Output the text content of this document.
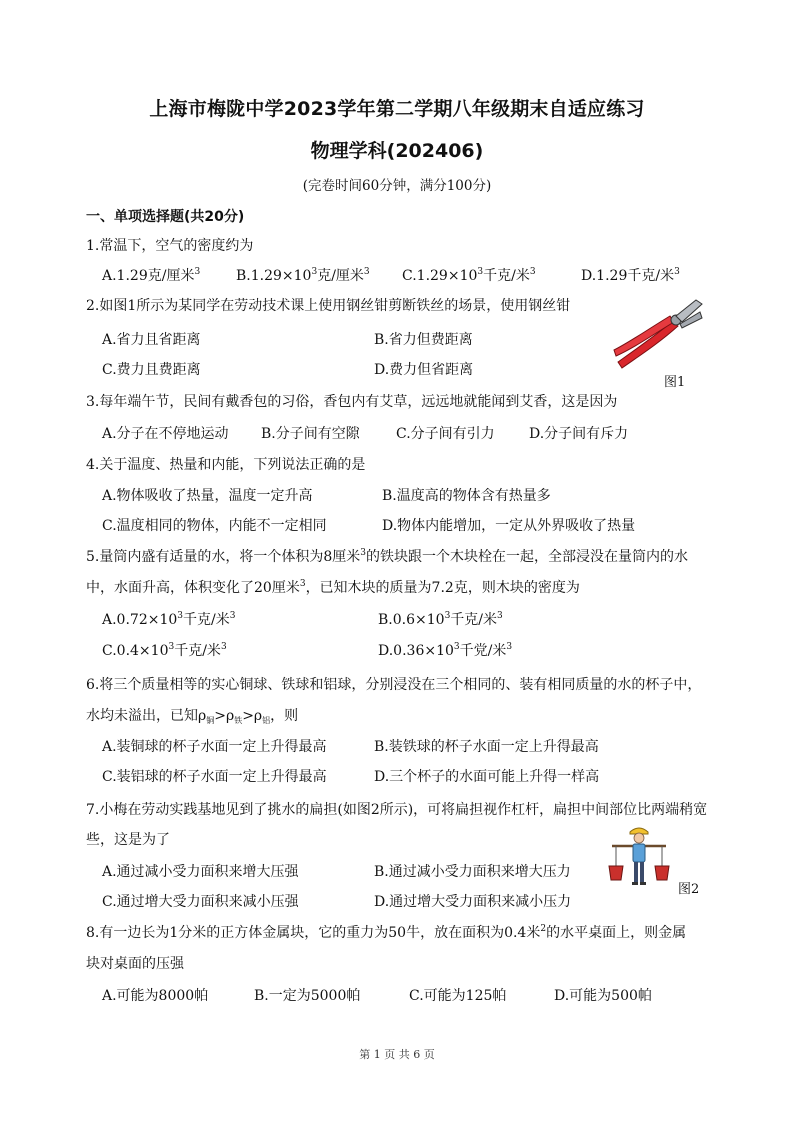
上海市梅陇中学2023学年第二学期八年级期末自适应练习
物理学科(202406)
(完卷时间60分钟，满分100分)
一、单项选择题(共20分)
1.常温下，空气的密度约为
A.1.29克/厘米$^3$	$B.1.29\times 10^3$克/厘米$^3$ $C.1.29\times 10^3$千克/米$^3$	D.1.29千克/米$^3$
2.如图1所示为某同学在劳动技术课上使用钢丝钳剪断铁丝的场景，使用钢丝钳
A.省力且省距离	B.省力但费距离
C.费力且费距离	D.费力但省距离
图1
3.每年端午节，民间有戴香包的习俗，香包内有艾草，远远地就能闻到艾香，这是因为
A.分子在不停地运动 B.分子间有空隙	C.分子间有引力 D.分子间有斥力
4.关于温度、热量和内能，下列说法正确的是
A.物体吸收了热量，温度一定升高	B.温度高的物体含有热量多
C.温度相同的物体，内能不一定相同	D.物体内能增加，一定从外界吸收了热量
5.量筒内盛有适量的水，将一个体积为8厘米$^3$的铁块跟一个木块栓在一起，全部浸没在量筒内的水
中，水面升高，体积变化了20厘米$^3$，已知木块的质量为7.2克，则木块的密度为
$A.0.72\times 10^3$千克/米$^3$	$B.0.6\times 10^3$千克/米$^3$
$C.0.4\times 10^3$千克/米$^3$	$D.0.36\times 10^3$千党/米$^3$
6.将三个质量相等的实心铜球、铁球和铝球，分别浸没在三个相同的、装有相同质量的水的杯子中，
水均未溢出，已知$\rho_铜>\rho_铁>\rho_铝$，则
A.装铜球的杯子水面一定上升得最高	B.装铁球的杯子水面一定上升得最高
C.装铝球的杯子水面一定上升得最高	D.三个杯子的水面可能上升得一样高
7.小梅在劳动实践基地见到了挑水的扁担(如图2所示)，可将扁担视作杠杆，扁担中间部位比两端稍宽
些，这是为了
A.通过减小受力面积来增大压强	B.通过减小受力面积来增大压力
C.通过增大受力面积来减小压强	D.通过增大受力面积来减小压力
图2
8.有一边长为1分米的正方体金属块，它的重力为50牛，放在面积为0.4米$^2$的水平桌面上，则金属
块对桌面的压强
A.可能为8000帕	B.一定为5000帕	C.可能为125帕	D.可能为500帕
第 1 页 共 6 页
